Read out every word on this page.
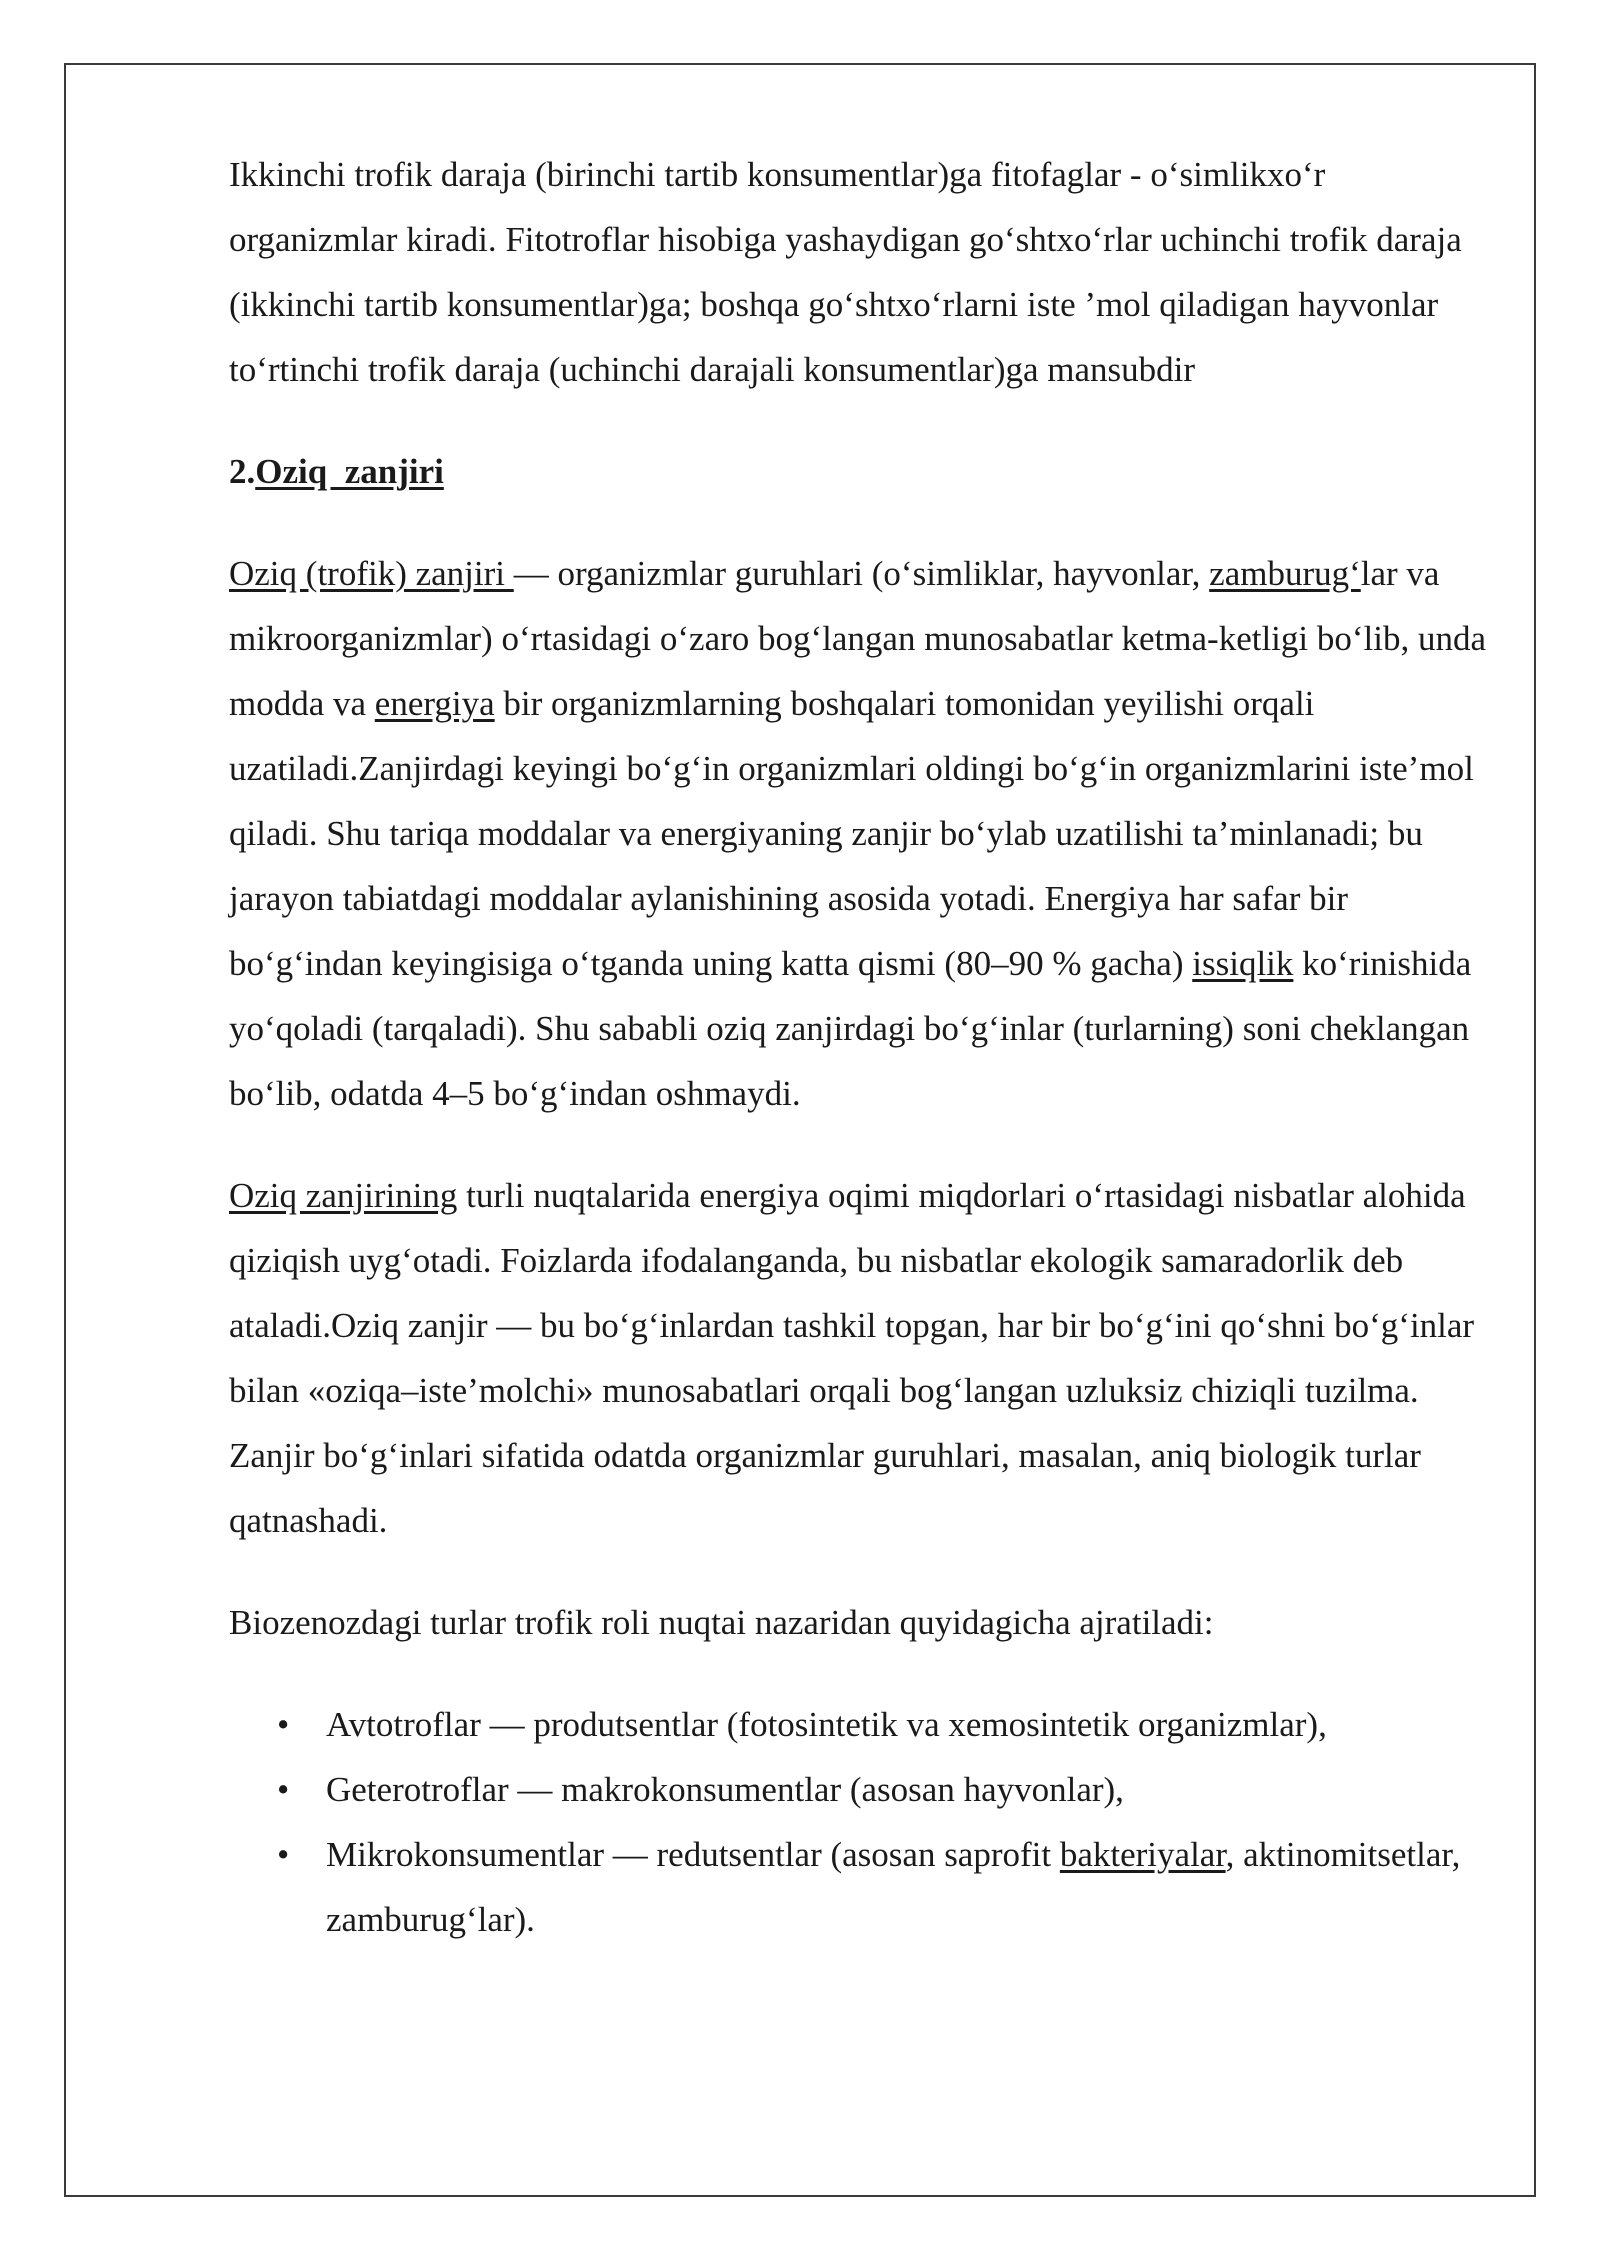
Ikkinchi trofik daraja (birinchi tartib konsumentlar)ga fitofaglar - o‘simlikxo‘r organizmlar kiradi. Fitotroflar hisobiga yashaydigan go‘shtxo‘rlar uchinchi trofik daraja (ikkinchi tartib konsumentlar)ga; boshqa go‘shtxo‘rlarni iste ’mol qiladigan hayvonlar to‘rtinchi trofik daraja (uchinchi darajali konsumentlar)ga mansubdir

2.Oziq  zanjiri

Oziq (trofik) zanjiri — organizmlar guruhlari (o‘simliklar, hayvonlar, zamburug‘lar va mikroorganizmlar) o‘rtasidagi o‘zaro bog‘langan munosabatlar ketma-ketligi bo‘lib, unda modda va energiya bir organizmlarning boshqalari tomonidan yeyilishi orqali uzatiladi.Zanjirdagi keyingi bo‘g‘in organizmlari oldingi bo‘g‘in organizmlarini iste’mol qiladi. Shu tariqa moddalar va energiyaning zanjir bo‘ylab uzatilishi ta’minlanadi; bu jarayon tabiatdagi moddalar aylanishining asosida yotadi. Energiya har safar bir bo‘g‘indan keyingisiga o‘tganda uning katta qismi (80–90 % gacha) issiqlik ko‘rinishida yo‘qoladi (tarqaladi). Shu sababli oziq zanjirdagi bo‘g‘inlar (turlarning) soni cheklangan bo‘lib, odatda 4–5 bo‘g‘indan oshmaydi.

Oziq zanjirining turli nuqtalarida energiya oqimi miqdorlari o‘rtasidagi nisbatlar alohida qiziqish uyg‘otadi. Foizlarda ifodalanganda, bu nisbatlar ekologik samaradorlik deb ataladi.Oziq zanjir — bu bo‘g‘inlardan tashkil topgan, har bir bo‘g‘ini qo‘shni bo‘g‘inlar bilan «oziqa–iste’molchi» munosabatlari orqali bog‘langan uzluksiz chiziqli tuzilma. Zanjir bo‘g‘inlari sifatida odatda organizmlar guruhlari, masalan, aniq biologik turlar qatnashadi.

Biozenozdagi turlar trofik roli nuqtai nazaridan quyidagicha ajratiladi:

• Avtotroflar — produtsentlar (fotosintetik va xemosintetik organizmlar),
• Geterotroflar — makrokonsumentlar (asosan hayvonlar),
• Mikrokonsumentlar — redutsentlar (asosan saprofit bakteriyalar, aktinomitsetlar, zamburug‘lar).
